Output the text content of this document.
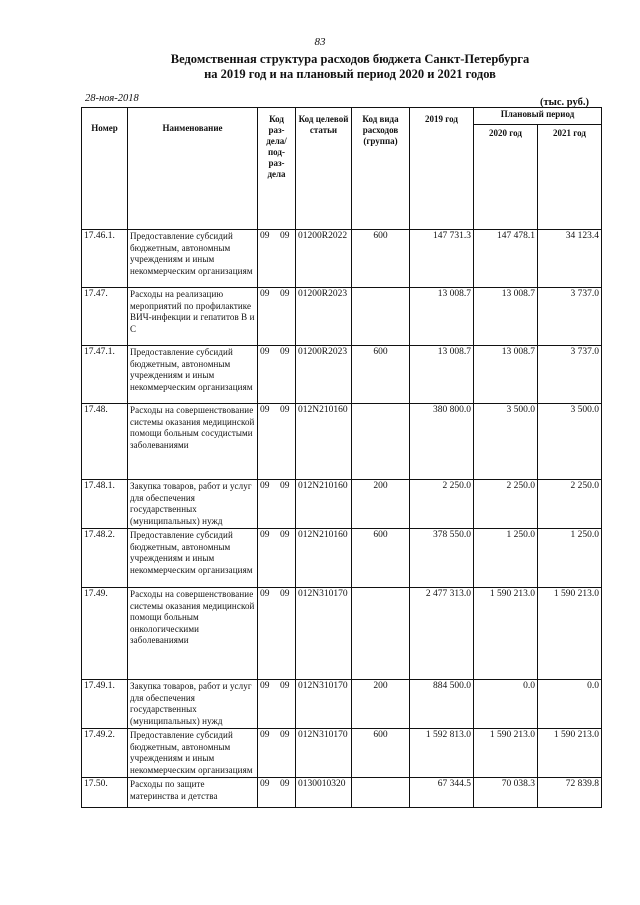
83
Ведомственная структура расходов бюджета Санкт-Петербурга
на 2019 год и на плановый период 2020 и 2021 годов
28-ноя-2018	(тыс. руб.)
Номер	Наименование	Код раз-дела/ под-раз-дела	Код целевой статьи	Код вида расходов (группа)	2019 год	Плановый период	
						2020 год	2021 год
17.46.1.	Предоставление субсидий бюджетным, автономным учреждениям и иным некоммерческим организациям	09 09	01200R2022	600	147 731.3	147 478.1	34 123.4
17.47.	Расходы на реализацию мероприятий по профилактике ВИЧ-инфекции и гепатитов B и C	09 09	01200R2023		13 008.7	13 008.7	3 737.0
17.47.1.	Предоставление субсидий бюджетным, автономным учреждениям и иным некоммерческим организациям	09 09	01200R2023	600	13 008.7	13 008.7	3 737.0
17.48.	Расходы на совершенствование системы оказания медицинской помощи больным сосудистыми заболеваниями	09 09	012N210160		380 800.0	3 500.0	3 500.0
17.48.1.	Закупка товаров, работ и услуг для обеспечения государственных (муниципальных) нужд	09 09	012N210160	200	2 250.0	2 250.0	2 250.0
17.48.2.	Предоставление субсидий бюджетным, автономным учреждениям и иным некоммерческим организациям	09 09	012N210160	600	378 550.0	1 250.0	1 250.0
17.49.	Расходы на совершенствование системы оказания медицинской помощи больным онкологическими заболеваниями	09 09	012N310170		2 477 313.0	1 590 213.0	1 590 213.0
17.49.1.	Закупка товаров, работ и услуг для обеспечения государственных (муниципальных) нужд	09 09	012N310170	200	884 500.0	0.0	0.0
17.49.2.	Предоставление субсидий бюджетным, автономным учреждениям и иным некоммерческим организациям	09 09	012N310170	600	1 592 813.0	1 590 213.0	1 590 213.0
17.50.	Расходы по защите материнства и детства	09 09	0130010320		67 344.5	70 038.3	72 839.8
